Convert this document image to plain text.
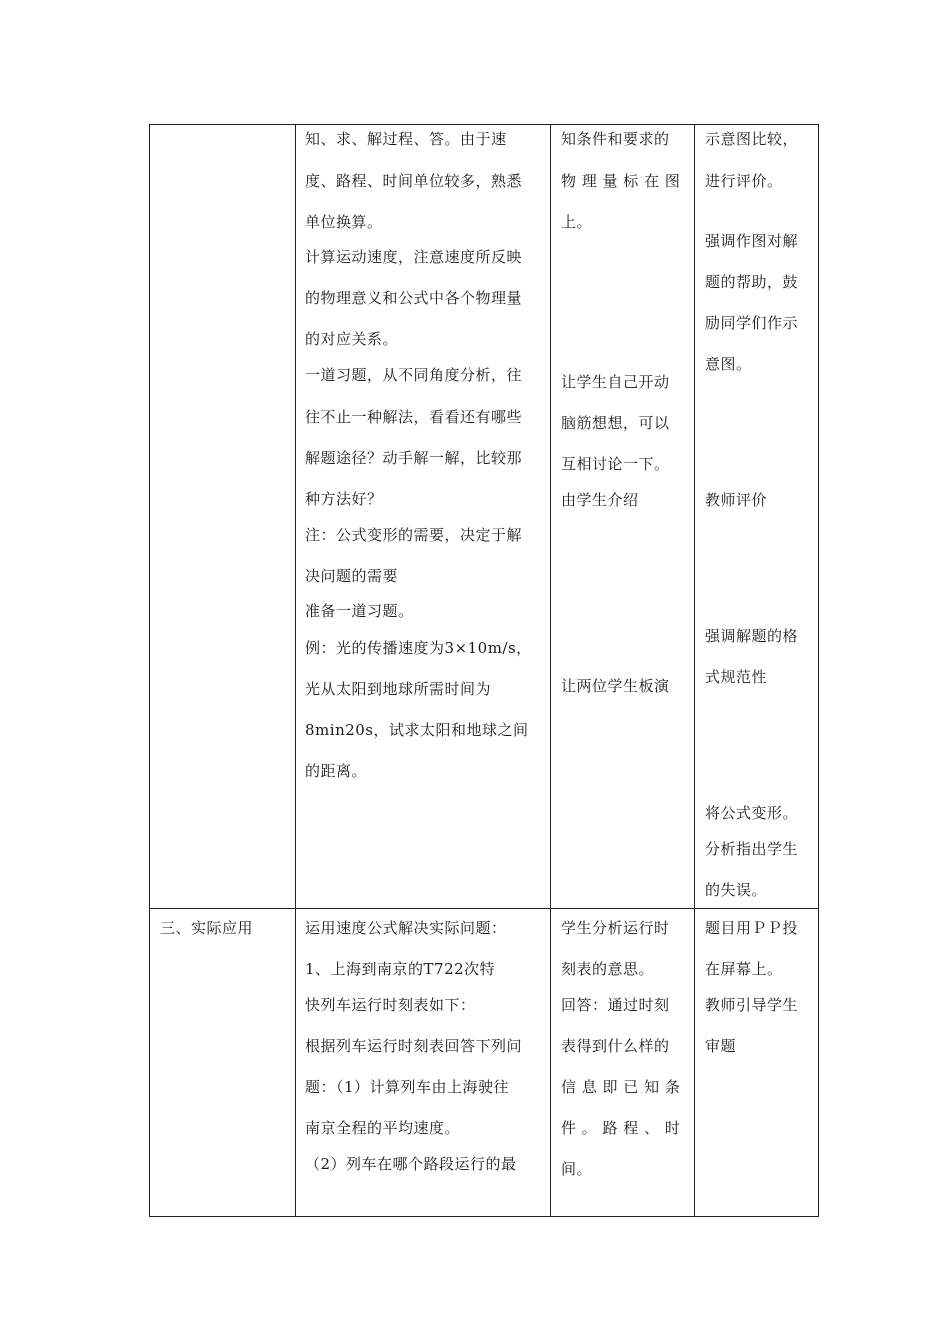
知、求、解过程、答。由于速
度、路程、时间单位较多，熟悉
单位换算。
计算运动速度，注意速度所反映
的物理意义和公式中各个物理量
的对应关系。
一道习题，从不同角度分析，往
往不止一种解法，看看还有哪些
解题途径？动手解一解，比较那
种方法好？
注：公式变形的需要，决定于解
决问题的需要
准备一道习题。
例：光的传播速度为3×10m/s，
光从太阳到地球所需时间为
8min20s，试求太阳和地球之间
的距离。
知条件和要求的
物 理 量 标 在 图
上。
让学生自己开动
脑筋想想，可以
互相讨论一下。
由学生介绍
让两位学生板演
示意图比较，
进行评价。
强调作图对解
题的帮助，鼓
励同学们作示
意图。
教师评价
强调解题的格
式规范性
将公式变形。
分析指出学生
的失误。
三、实际应用	运用速度公式解决实际问题：
1、上海到南京的T722次特
快列车运行时刻表如下：
根据列车运行时刻表回答下列问
题：（1）计算列车由上海驶往
南京全程的平均速度。
（2）列车在哪个路段运行的最
学生分析运行时
刻表的意思。
回答：通过时刻
表得到什么样的
信 息 即 已 知 条
件 。 路 程 、 时
间。
题目用ＰＰ投
在屏幕上。
教师引导学生
审题
